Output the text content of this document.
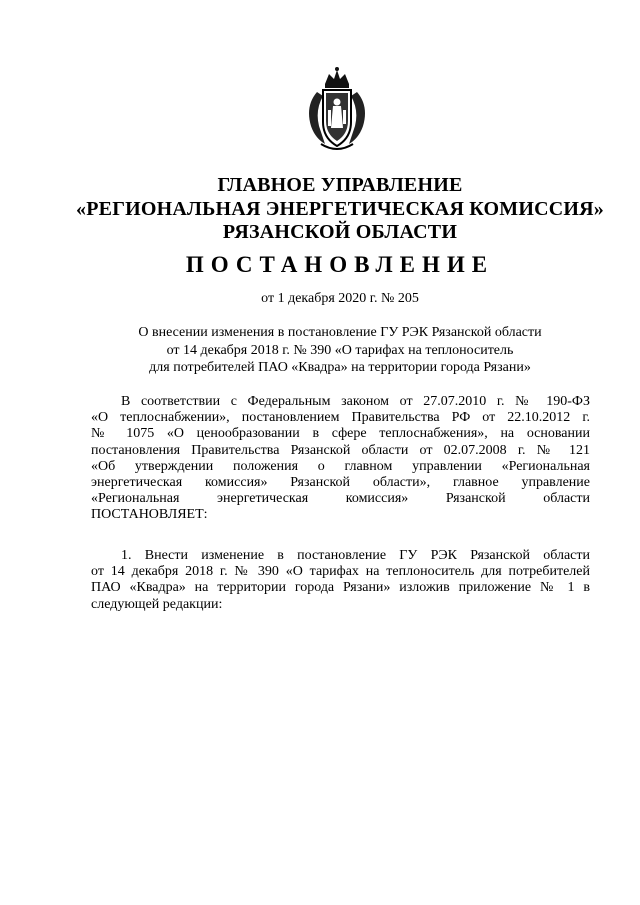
ГЛАВНОЕ УПРАВЛЕНИЕ
«РЕГИОНАЛЬНАЯ ЭНЕРГЕТИЧЕСКАЯ КОМИССИЯ»
РЯЗАНСКОЙ ОБЛАСТИ
ПОСТАНОВЛЕНИЕ
от 1 декабря 2020 г. № 205
О внесении изменения в постановление ГУ РЭК Рязанской области
от 14 декабря 2018 г. № 390 «О тарифах на теплоноситель
для потребителей ПАО «Квадра» на территории города Рязани»
В соответствии с Федеральным законом от 27.07.2010 г. № 190-ФЗ
«О теплоснабжении», постановлением Правительства РФ от 22.10.2012 г.
№ 1075 «О ценообразовании в сфере теплоснабжения», на основании
постановления Правительства Рязанской области от 02.07.2008 г. № 121
«Об утверждении положения о главном управлении «Региональная
энергетическая комиссия» Рязанской области», главное управление
«Региональная энергетическая комиссия» Рязанской области
ПОСТАНОВЛЯЕТ:
1. Внести изменение в постановление ГУ РЭК Рязанской области
от 14 декабря 2018 г. № 390 «О тарифах на теплоноситель для потребителей
ПАО «Квадра» на территории города Рязани» изложив приложение № 1 в
следующей редакции:
